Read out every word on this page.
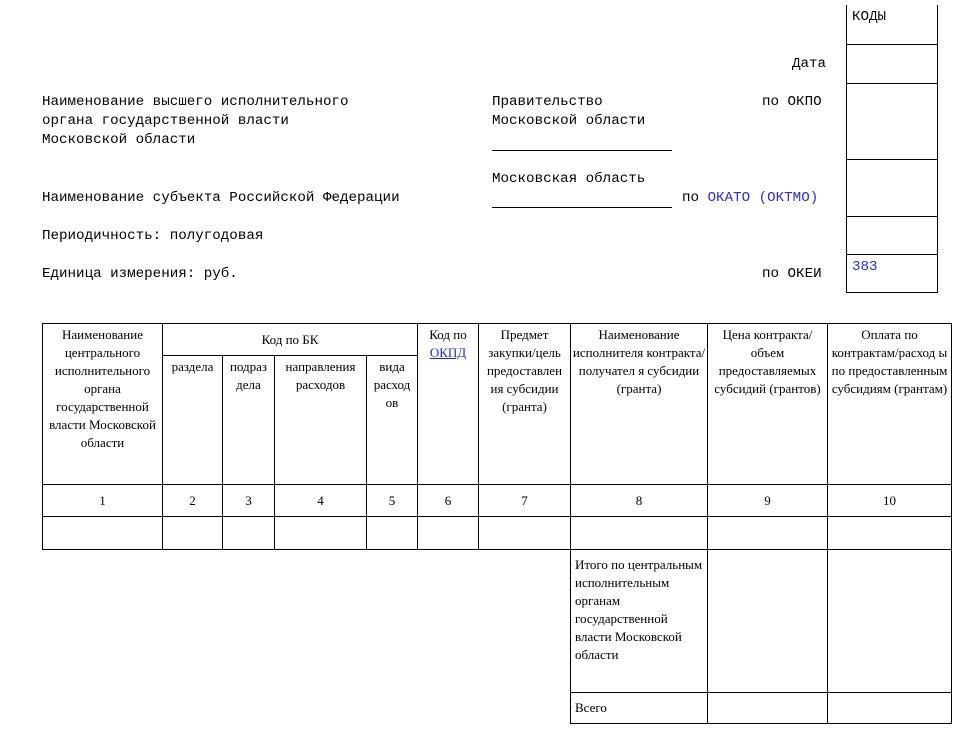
КОДЫ
383
Дата
по ОКПО
по ОКАТО (ОКТМО)
по ОКЕИ
Наименование высшего исполнительного
органа государственной власти
Московской области
Правительство
Московской области
Московская область
Наименование субъекта Российской Федерации
Периодичность: полугодовая
Единица измерения: руб.
Наименование центрального исполнительного органа государственной власти Московской области	Код по БК				Код по
ОКПД	Предмет закупки/цель предоставлен ия субсидии (гранта)	Наименование исполнителя контракта/получател я субсидии (гранта)	Цена контракта/объем предоставляемых субсидий (грантов)	Оплата по контрактам/расход ы по предоставленным субсидиям (грантам)
	раздела	подраз дела	направления расходов	вида расход ов					
1	2	3	4	5	6	7	8	9	10

							Итого по центральным исполнительным органам государственной власти Московской области		
							Всего		
